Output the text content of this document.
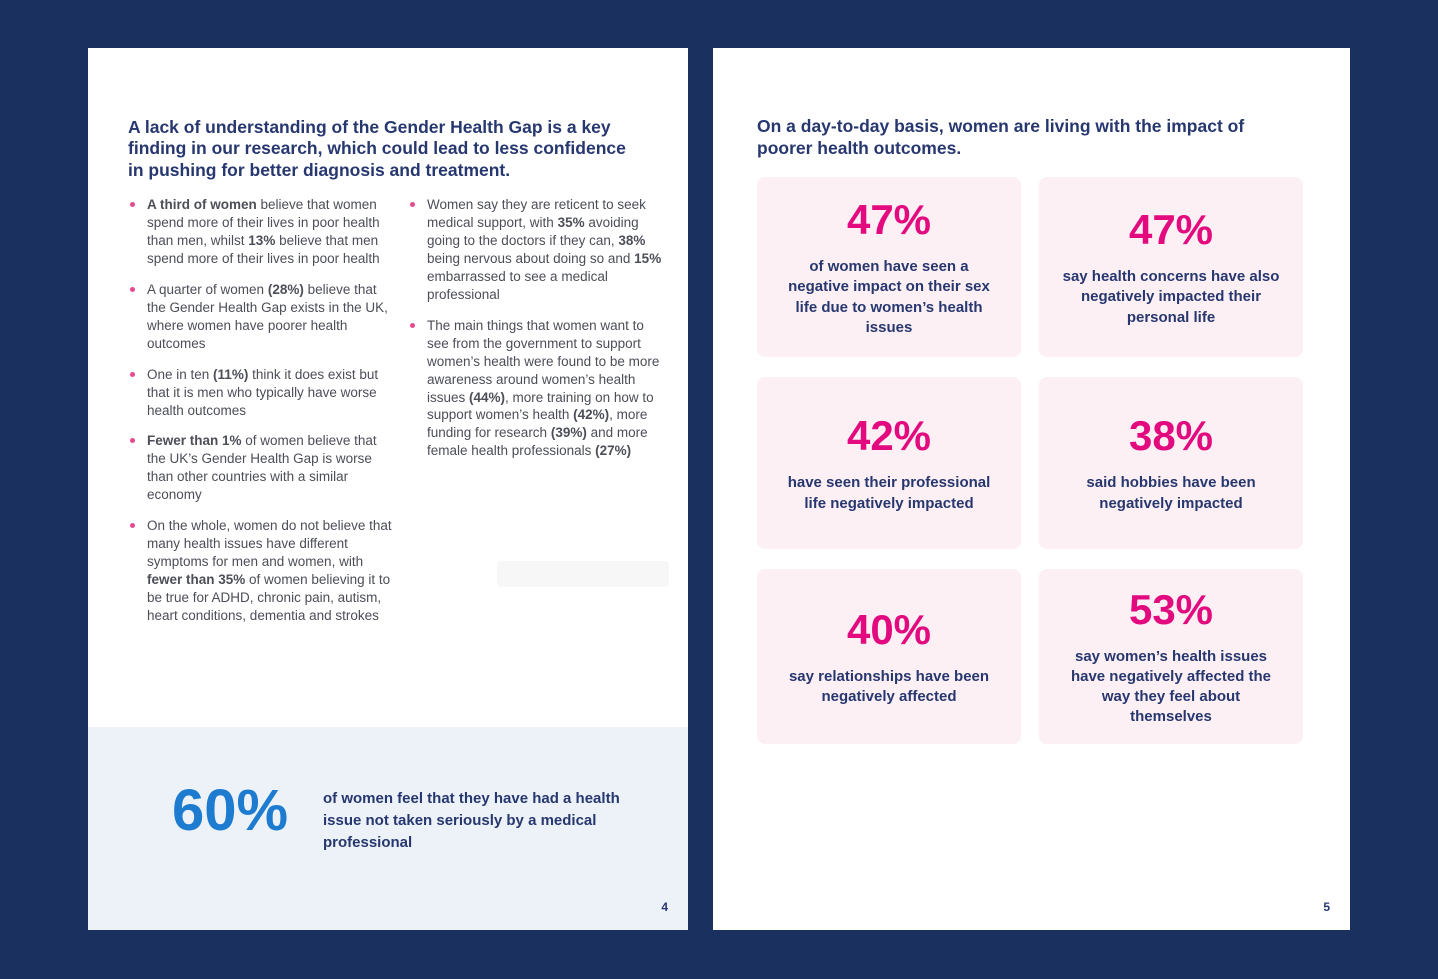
A lack of understanding of the Gender Health Gap is a key finding in our research, which could lead to less confidence in pushing for better diagnosis and treatment.
A third of women believe that women spend more of their lives in poor health than men, whilst 13% believe that men spend more of their lives in poor health
A quarter of women (28%) believe that the Gender Health Gap exists in the UK, where women have poorer health outcomes
One in ten (11%) think it does exist but that it is men who typically have worse health outcomes
Fewer than 1% of women believe that the UK’s Gender Health Gap is worse than other countries with a similar economy
On the whole, women do not believe that many health issues have different symptoms for men and women, with fewer than 35% of women believing it to be true for ADHD, chronic pain, autism, heart conditions, dementia and strokes
Women say they are reticent to seek medical support, with 35% avoiding going to the doctors if they can, 38% being nervous about doing so and 15% embarrassed to see a medical professional
The main things that women want to see from the government to support women’s health were found to be more awareness around women’s health issues (44%), more training on how to support women’s health (42%), more funding for research (39%) and more female health professionals (27%)
60% of women feel that they have had a health issue not taken seriously by a medical professional
4
On a day-to-day basis, women are living with the impact of poorer health outcomes.
47%
of women have seen a negative impact on their sex life due to women’s health issues
47%
say health concerns have also negatively impacted their personal life
42%
have seen their professional life negatively impacted
38%
said hobbies have been negatively impacted
40%
say relationships have been negatively affected
53%
say women’s health issues have negatively affected the way they feel about themselves
5
